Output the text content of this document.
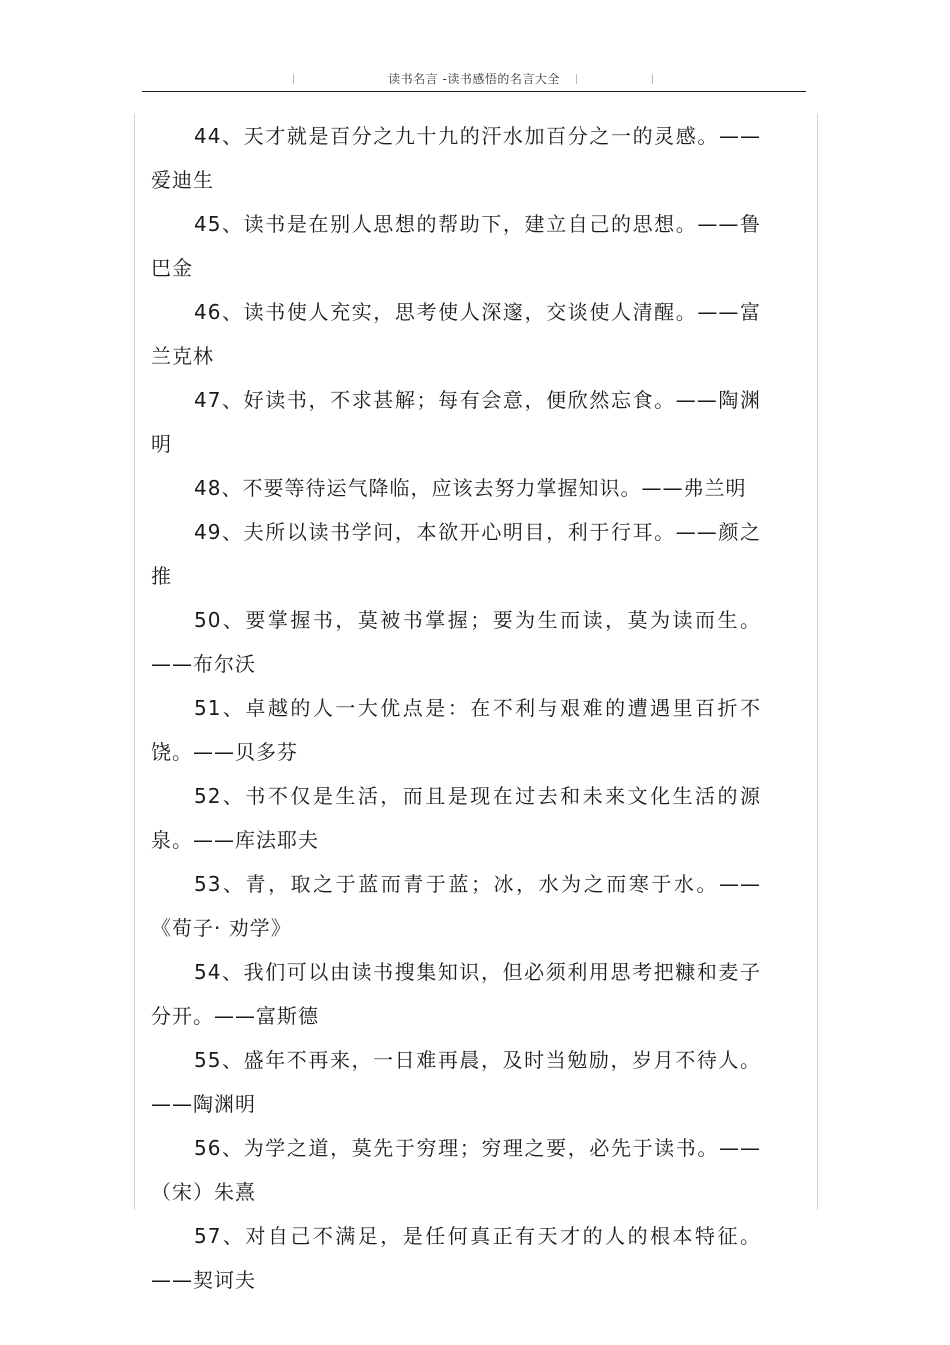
读书名言 -读书感悟的名言大全

44、天才就是百分之九十九的汗水加百分之一的灵感。——爱迪生

45、读书是在别人思想的帮助下，建立自己的思想。——鲁巴金

46、读书使人充实，思考使人深邃，交谈使人清醒。——富兰克林

47、好读书，不求甚解；每有会意，便欣然忘食。——陶渊明

48、不要等待运气降临，应该去努力掌握知识。——弗兰明

49、夫所以读书学问，本欲开心明目，利于行耳。——颜之推

50、要掌握书，莫被书掌握；要为生而读，莫为读而生。——布尔沃

51、卓越的人一大优点是：在不利与艰难的遭遇里百折不饶。——贝多芬

52、书不仅是生活，而且是现在过去和未来文化生活的源泉。——库法耶夫

53、青，取之于蓝而青于蓝；冰，水为之而寒于水。——《荀子· 劝学》

54、我们可以由读书搜集知识，但必须利用思考把糠和麦子分开。——富斯德

55、盛年不再来，一日难再晨，及时当勉励，岁月不待人。——陶渊明

56、为学之道，莫先于穷理；穷理之要，必先于读书。——（宋）朱熹

57、对自己不满足，是任何真正有天才的人的根本特征。——契诃夫
